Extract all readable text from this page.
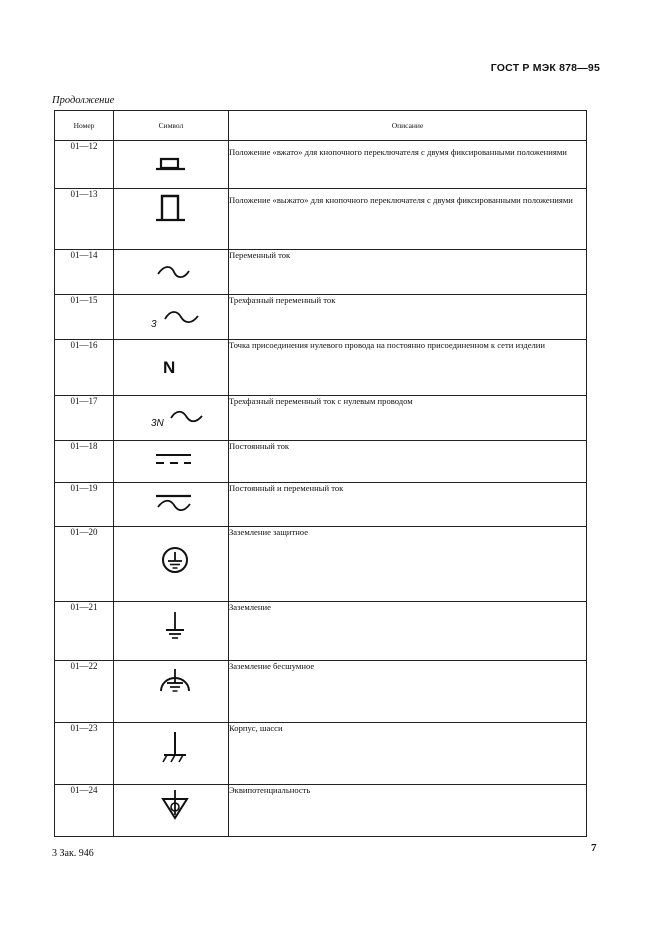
ГОСТ Р МЭК 878—95
Продолжение
Номер	Символ	Описание
01—12		Положение «вжато» для кнопочного переключателя с двумя фиксированными положениями
01—13		Положение «выжато» для кнопочного переключателя с двумя фиксированными положениями
01—14		Переменный ток
01—15	3	Трехфазный переменный ток
01—16	N	Точка присоединения нулевого провода на постоянно присоединенном к сети изделии
01—17	3N	Трехфазный переменный ток с нулевым проводом
01—18		Постоянный ток
01—19		Постоянный и переменный ток
01—20		Заземление защитное
01—21		Заземление
01—22		Заземление бесшумное
01—23		Корпус, шасси
01—24		Эквипотенциальность
3 Зак. 946	7
